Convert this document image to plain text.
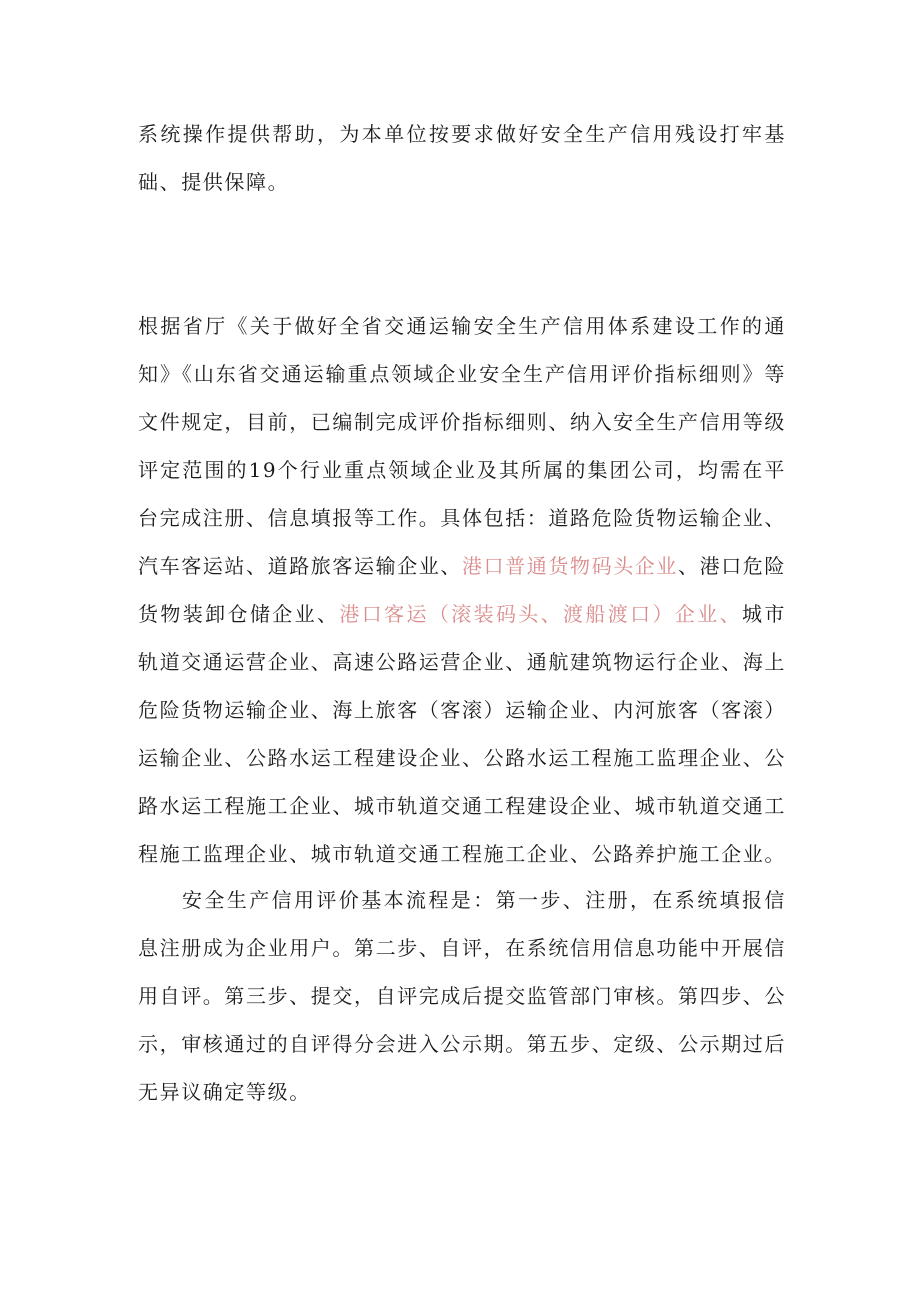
系统操作提供帮助，为本单位按要求做好安全生产信用残设打牢基础、提供保障。

根据省厅《关于做好全省交通运输安全生产信用体系建设工作的通知》《山东省交通运输重点领域企业安全生产信用评价指标细则》等文件规定，目前，已编制完成评价指标细则、纳入安全生产信用等级评定范围的19个行业重点领域企业及其所属的集团公司，均需在平台完成注册、信息填报等工作。具体包括：道路危险货物运输企业、汽车客运站、道路旅客运输企业、港口普通货物码头企业、港口危险货物装卸仓储企业、港口客运（滚装码头、渡船渡口）企业、城市轨道交通运营企业、高速公路运营企业、通航建筑物运行企业、海上危险货物运输企业、海上旅客（客滚）运输企业、内河旅客（客滚）运输企业、公路水运工程建设企业、公路水运工程施工监理企业、公路水运工程施工企业、城市轨道交通工程建设企业、城市轨道交通工程施工监理企业、城市轨道交通工程施工企业、公路养护施工企业。

安全生产信用评价基本流程是：第一步、注册，在系统填报信息注册成为企业用户。第二步、自评，在系统信用信息功能中开展信用自评。第三步、提交，自评完成后提交监管部门审核。第四步、公示，审核通过的自评得分会进入公示期。第五步、定级、公示期过后无异议确定等级。
